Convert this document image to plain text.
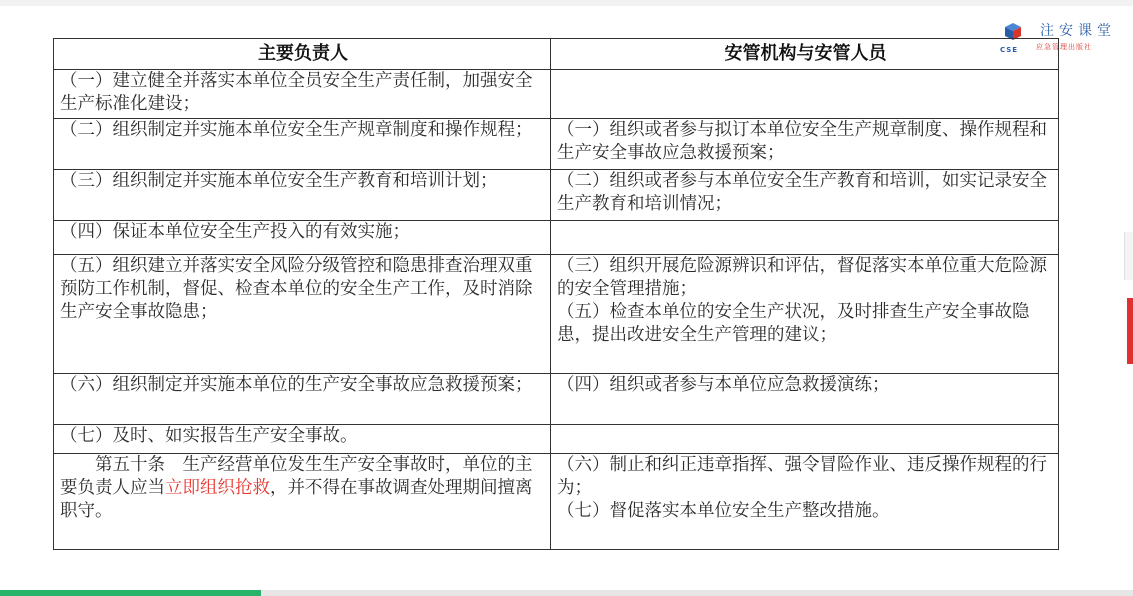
CSE
注安课堂
应急管理出版社
主要负责人	安管机构与安管人员

（一）建立健全并落实本单位全员安全生产责任制，加强安全生产标准化建设；	

（二）组织制定并实施本单位安全生产规章制度和操作规程；	（一）组织或者参与拟订本单位安全生产规章制度、操作规程和生产安全事故应急救援预案；

（三）组织制定并实施本单位安全生产教育和培训计划；	（二）组织或者参与本单位安全生产教育和培训，如实记录安全生产教育和培训情况；

（四）保证本单位安全生产投入的有效实施；	

（五）组织建立并落实安全风险分级管控和隐患排查治理双重预防工作机制，督促、检查本单位的安全生产工作，及时消除生产安全事故隐患；	（三）组织开展危险源辨识和评估，督促落实本单位重大危险源的安全管理措施；
（五）检查本单位的安全生产状况，及时排查生产安全事故隐患，提出改进安全生产管理的建议；

（六）组织制定并实施本单位的生产安全事故应急救援预案；	（四）组织或者参与本单位应急救援演练；

（七）及时、如实报告生产安全事故。	

第五十条　生产经营单位发生生产安全事故时，单位的主要负责人应当立即组织抢救，并不得在事故调查处理期间擅离职守。	（六）制止和纠正违章指挥、强令冒险作业、违反操作规程的行为；
（七）督促落实本单位安全生产整改措施。
